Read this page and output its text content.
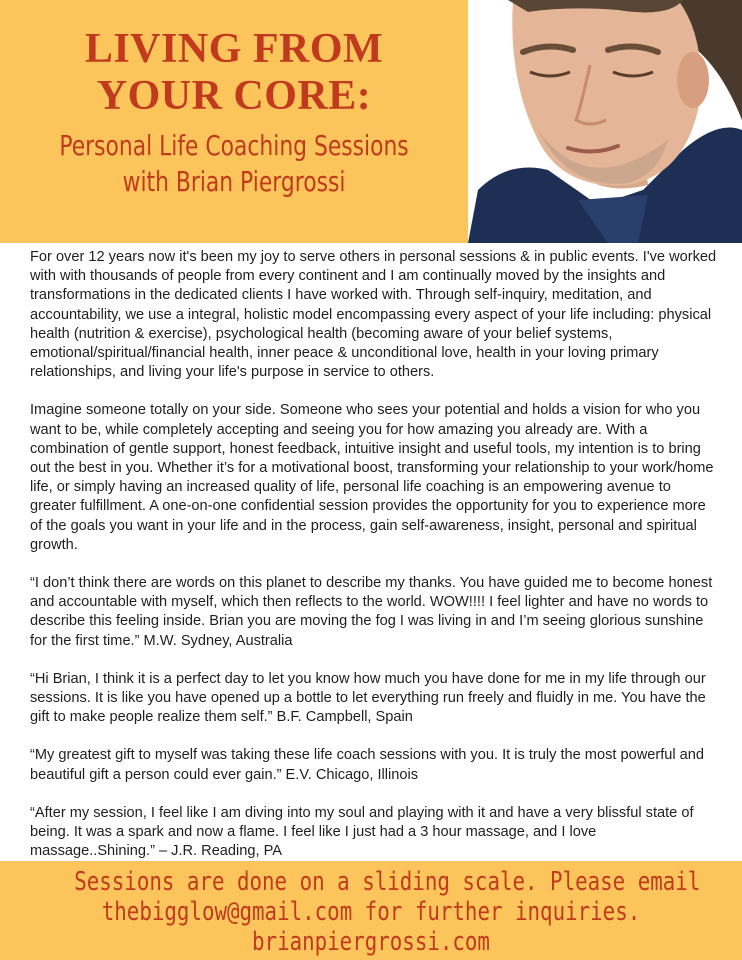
LIVING FROM
YOUR CORE:
Personal Life Coaching Sessions
with Brian Piergrossi

For over 12 years now it's been my joy to serve others in personal sessions & in public events. I've worked with with thousands of people from every continent and I am continually moved by the insights and transformations in the dedicated clients I have worked with. Through self-inquiry, meditation, and accountability, we use a integral, holistic model encompassing every aspect of your life including: physical health (nutrition & exercise), psychological health (becoming aware of your belief systems, emotional/spiritual/financial health, inner peace & unconditional love, health in your loving primary relationships, and living your life's purpose in service to others.

Imagine someone totally on your side. Someone who sees your potential and holds a vision for who you want to be, while completely accepting and seeing you for how amazing you already are. With a combination of gentle support, honest feedback, intuitive insight and useful tools, my intention is to bring out the best in you. Whether it’s for a motivational boost, transforming your relationship to your work/home life, or simply having an increased quality of life, personal life coaching is an empowering avenue to greater fulfillment. A one-on-one confidential session provides the opportunity for you to experience more of the goals you want in your life and in the process, gain self-awareness, insight, personal and spiritual growth.

“I don’t think there are words on this planet to describe my thanks. You have guided me to become honest and accountable with myself, which then reflects to the world. WOW!!!! I feel lighter and have no words to describe this feeling inside. Brian you are moving the fog I was living in and I’m seeing glorious sunshine for the first time.” M.W. Sydney, Australia

“Hi Brian, I think it is a perfect day to let you know how much you have done for me in my life through our sessions. It is like you have opened up a bottle to let everything run freely and fluidly in me. You have the gift to make people realize them self.” B.F. Campbell, Spain

“My greatest gift to myself was taking these life coach sessions with you. It is truly the most powerful and beautiful gift a person could ever gain.” E.V. Chicago, Illinois

“After my session, I feel like I am diving into my soul and playing with it and have a very blissful state of being. It was a spark and now a flame. I feel like I just had a 3 hour massage, and I love massage..Shining.” – J.R. Reading, PA

Sessions are done on a sliding scale. Please email
thebigglow@gmail.com for further inquiries.
brianpiergrossi.com
